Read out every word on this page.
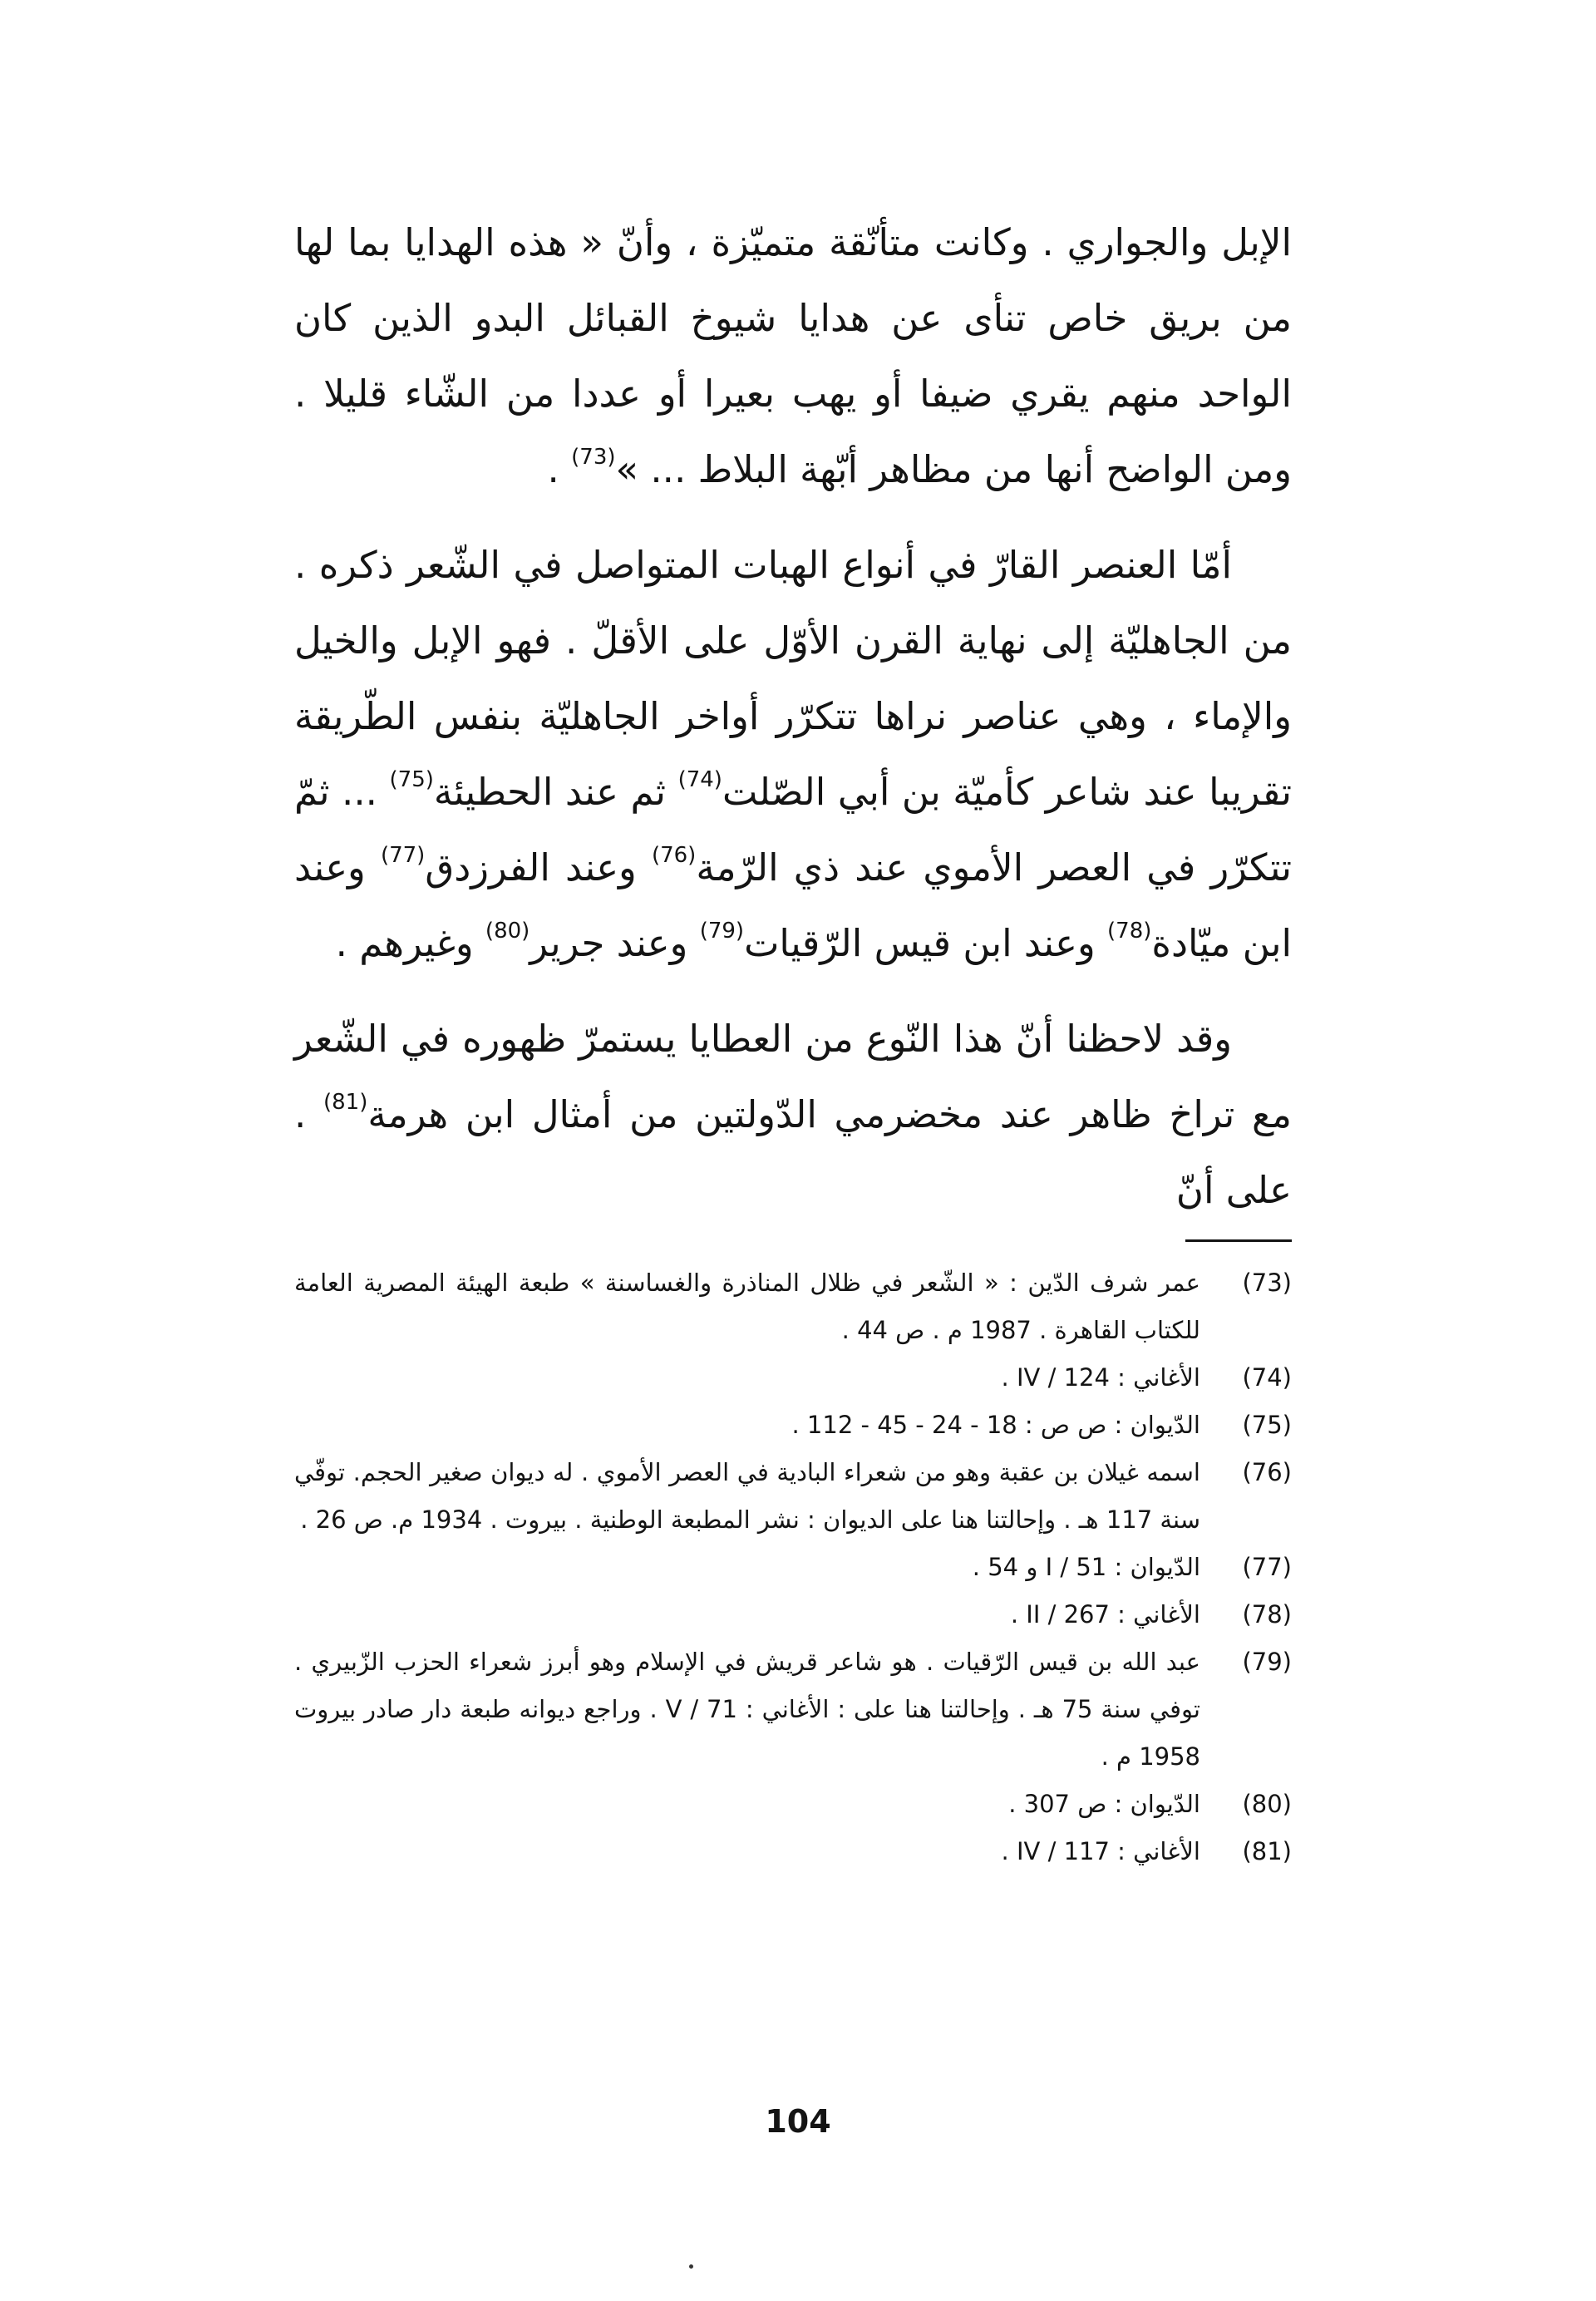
الإبل والجواري . وكانت متأنّقة متميّزة ، وأنّ « هذه الهدايا بما لها من بريق خاص تنأى عن هدايا شيوخ القبائل البدو الذين كان الواحد منهم يقري ضيفا أو يهب بعيرا أو عددا من الشّاء قليلا . ومن الواضح أنها من مظاهر أبّهة البلاط ... »$^{(73)}$ .

أمّا العنصر القارّ في أنواع الهبات المتواصل في الشّعر ذكره . من الجاهليّة إلى نهاية القرن الأوّل على الأقلّ . فهو الإبل والخيل والإماء ، وهي عناصر نراها تتكرّر أواخر الجاهليّة بنفس الطّريقة تقريبا عند شاعر كأميّة بن أبي الصّلت$^{(74)}$ ثم عند الحطيئة$^{(75)}$ ... ثمّ تتكرّر في العصر الأموي عند ذي الرّمة$^{(76)}$ وعند الفرزدق$^{(77)}$ وعند ابن ميّادة$^{(78)}$ وعند ابن قيس الرّقيات$^{(79)}$ وعند جرير$^{(80)}$ وغيرهم .

وقد لاحظنا أنّ هذا النّوع من العطايا يستمرّ ظهوره في الشّعر مع تراخ ظاهر عند مخضرمي الدّولتين من أمثال ابن هرمة$^{(81)}$ . على أنّ

(73)
عمر شرف الدّين : « الشّعر في ظلال المناذرة والغساسنة » طبعة الهيئة المصرية العامة للكتاب القاهرة . 1987 م . ص 44 .
(74)
الأغاني : IV / 124 .
(75)
الدّيوان : ص ص : 18 - 24 - 45 - 112 .
(76)
اسمه غيلان بن عقبة وهو من شعراء البادية في العصر الأموي . له ديوان صغير الحجم. توفّي سنة 117 هـ . وإحالتنا هنا على الديوان : نشر المطبعة الوطنية . بيروت . 1934 م. ص 26 .
(77)
الدّيوان : I / 51 و 54 .
(78)
الأغاني : II / 267 .
(79)
عبد الله بن قيس الرّقيات . هو شاعر قريش في الإسلام وهو أبرز شعراء الحزب الزّبيري . توفي سنة 75 هـ . وإحالتنا هنا على : الأغاني : V / 71 . وراجع ديوانه طبعة دار صادر بيروت 1958 م .
(80)
الدّيوان : ص 307 .
(81)
الأغاني : IV / 117 .
104
